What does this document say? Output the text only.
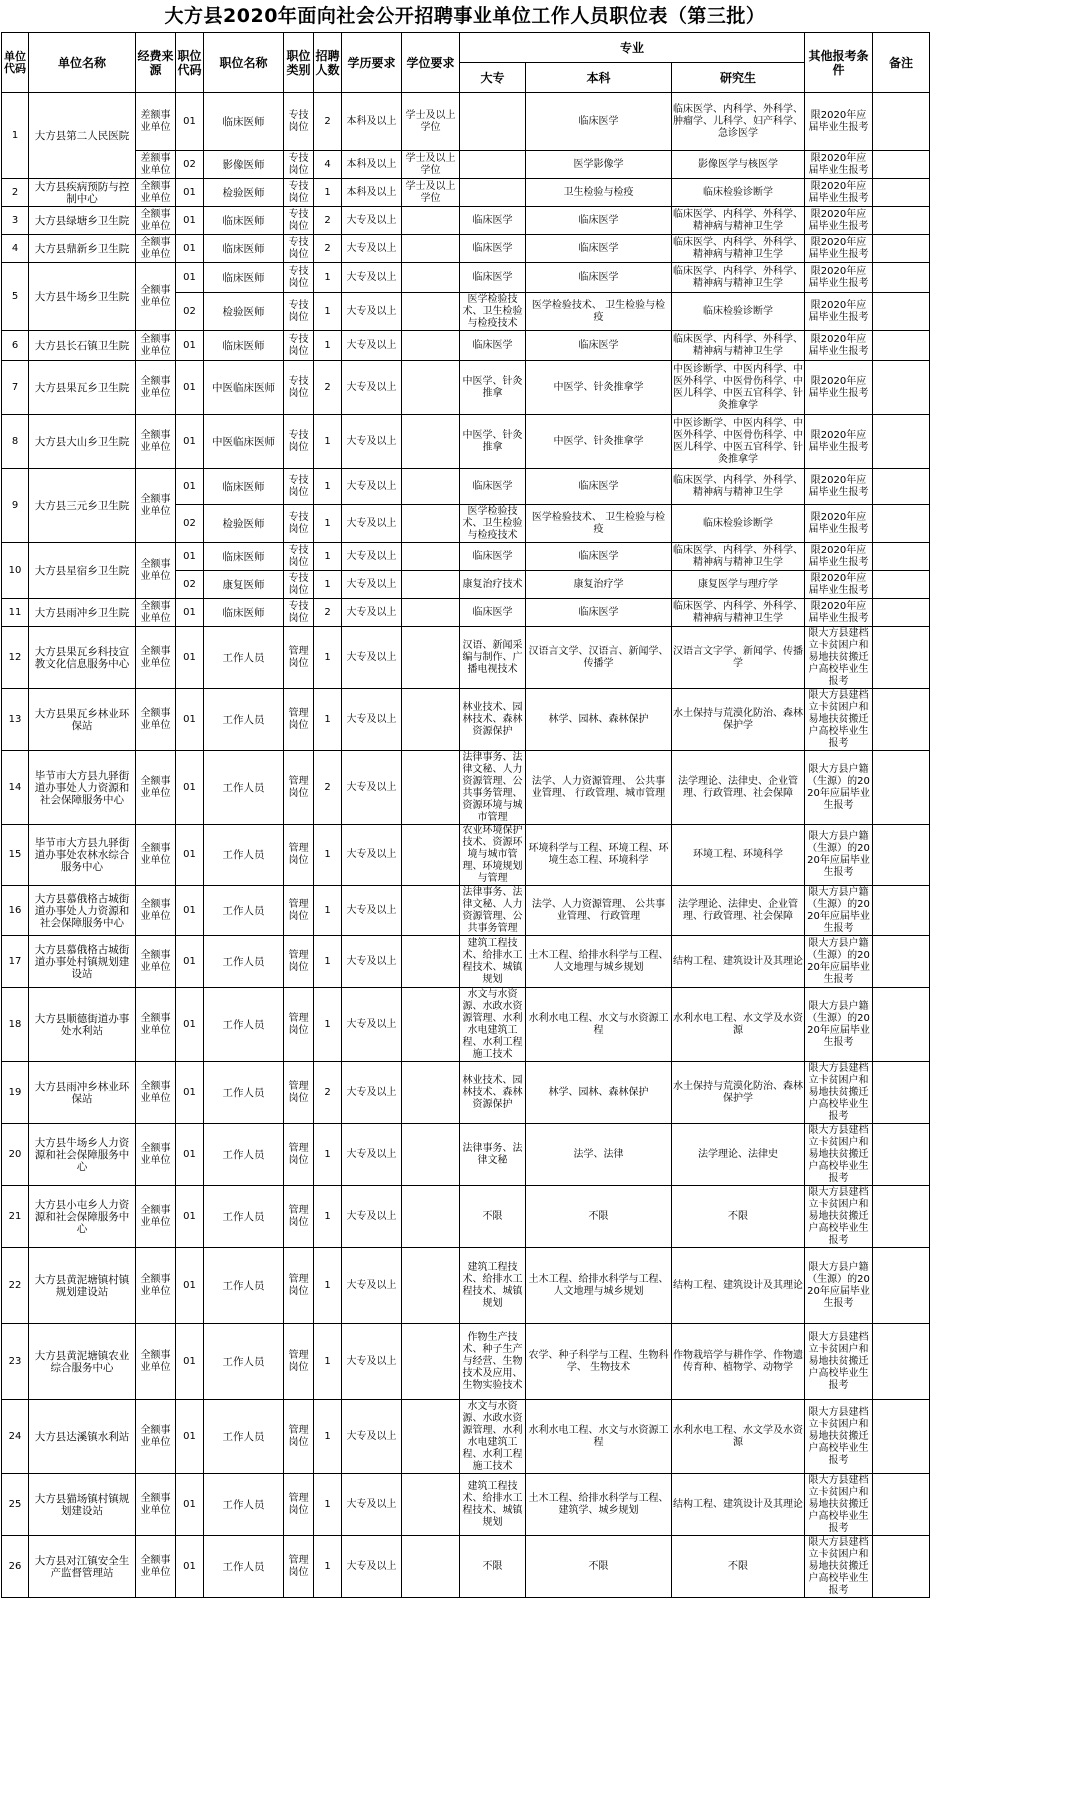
大方县2020年面向社会公开招聘事业单位工作人员职位表（第三批）
单位代码	单位名称	经费来源	职位代码	职位名称	职位类别	招聘人数	学历要求	学位要求	专业			其他报考条件	备注
									大专	本科	研究生		
1	大方县第二人民医院	差额事业单位	01	临床医师	专技岗位	2	本科及以上	学士及以上学位		临床医学	临床医学、内科学、外科学、肿瘤学、儿科学、妇产科学、急诊医学	限2020年应届毕业生报考	
		差额事业单位	02	影像医师	专技岗位	4	本科及以上	学士及以上学位		医学影像学	影像医学与核医学	限2020年应届毕业生报考	
2	大方县疾病预防与控制中心	全额事业单位	01	检验医师	专技岗位	1	本科及以上	学士及以上学位		卫生检验与检疫	临床检验诊断学	限2020年应届毕业生报考	
3	大方县绿塘乡卫生院	全额事业单位	01	临床医师	专技岗位	2	大专及以上		临床医学	临床医学	临床医学、内科学、外科学、精神病与精神卫生学	限2020年应届毕业生报考	
4	大方县鼎新乡卫生院	全额事业单位	01	临床医师	专技岗位	2	大专及以上		临床医学	临床医学	临床医学、内科学、外科学、精神病与精神卫生学	限2020年应届毕业生报考	
5	大方县牛场乡卫生院	全额事业单位	01	临床医师	专技岗位	1	大专及以上		临床医学	临床医学	临床医学、内科学、外科学、精神病与精神卫生学	限2020年应届毕业生报考	
			02	检验医师	专技岗位	1	大专及以上		医学检验技术、卫生检验与检疫技术	医学检验技术、 卫生检验与检疫	临床检验诊断学	限2020年应届毕业生报考	
6	大方县长石镇卫生院	全额事业单位	01	临床医师	专技岗位	1	大专及以上		临床医学	临床医学	临床医学、内科学、外科学、精神病与精神卫生学	限2020年应届毕业生报考	
7	大方县果瓦乡卫生院	全额事业单位	01	中医临床医师	专技岗位	2	大专及以上		中医学、针灸推拿	中医学、针灸推拿学	中医诊断学、中医内科学、中医外科学、中医骨伤科学、中医儿科学、中医五官科学、针灸推拿学	限2020年应届毕业生报考	
8	大方县大山乡卫生院	全额事业单位	01	中医临床医师	专技岗位	1	大专及以上		中医学、针灸推拿	中医学、针灸推拿学	中医诊断学、中医内科学、中医外科学、中医骨伤科学、中医儿科学、中医五官科学、针灸推拿学	限2020年应届毕业生报考	
9	大方县三元乡卫生院	全额事业单位	01	临床医师	专技岗位	1	大专及以上		临床医学	临床医学	临床医学、内科学、外科学、精神病与精神卫生学	限2020年应届毕业生报考	
			02	检验医师	专技岗位	1	大专及以上		医学检验技术、卫生检验与检疫技术	医学检验技术、 卫生检验与检疫	临床检验诊断学	限2020年应届毕业生报考	
10	大方县星宿乡卫生院	全额事业单位	01	临床医师	专技岗位	1	大专及以上		临床医学	临床医学	临床医学、内科学、外科学、精神病与精神卫生学	限2020年应届毕业生报考	
			02	康复医师	专技岗位	1	大专及以上		康复治疗技术	康复治疗学	康复医学与理疗学	限2020年应届毕业生报考	
11	大方县雨冲乡卫生院	全额事业单位	01	临床医师	专技岗位	2	大专及以上		临床医学	临床医学	临床医学、内科学、外科学、精神病与精神卫生学	限2020年应届毕业生报考	
12	大方县果瓦乡科技宣教文化信息服务中心	全额事业单位	01	工作人员	管理岗位	1	大专及以上		汉语、新闻采编与制作、广播电视技术	汉语言文学、汉语言、新闻学、传播学	汉语言文字学、新闻学、传播学	限大方县建档立卡贫困户和易地扶贫搬迁户高校毕业生报考	
13	大方县果瓦乡林业环保站	全额事业单位	01	工作人员	管理岗位	1	大专及以上		林业技术、园林技术、森林资源保护	林学、园林、森林保护	水土保持与荒漠化防治、森林保护学	限大方县建档立卡贫困户和易地扶贫搬迁户高校毕业生报考	
14	毕节市大方县九驿街道办事处人力资源和社会保障服务中心	全额事业单位	01	工作人员	管理岗位	2	大专及以上		法律事务、法律文秘、人力资源管理、公共事务管理、资源环境与城市管理	法学、人力资源管理、 公共事业管理、 行政管理、城市管理	法学理论、法律史、企业管理、行政管理、社会保障	限大方县户籍（生源）的2020年应届毕业生报考	
15	毕节市大方县九驿街道办事处农林水综合服务中心	全额事业单位	01	工作人员	管理岗位	1	大专及以上		农业环境保护技术、资源环境与城市管理、环境规划与管理	环境科学与工程、环境工程、环境生态工程、环境科学	环境工程、环境科学	限大方县户籍（生源）的2020年应届毕业生报考	
16	大方县慕俄格古城街道办事处人力资源和社会保障服务中心	全额事业单位	01	工作人员	管理岗位	1	大专及以上		法律事务、法律文秘、人力资源管理、公共事务管理	法学、人力资源管理、 公共事业管理、 行政管理	法学理论、法律史、企业管理、行政管理、社会保障	限大方县户籍（生源）的2020年应届毕业生报考	
17	大方县慕俄格古城街道办事处村镇规划建设站	全额事业单位	01	工作人员	管理岗位	1	大专及以上		建筑工程技术、给排水工程技术、城镇规划	土木工程、给排水科学与工程、人文地理与城乡规划	结构工程、建筑设计及其理论	限大方县户籍（生源）的2020年应届毕业生报考	
18	大方县顺德街道办事处水利站	全额事业单位	01	工作人员	管理岗位	1	大专及以上		水文与水资源、水政水资源管理、水利水电建筑工程、水利工程施工技术	水利水电工程、水文与水资源工程	水利水电工程、水文学及水资源	限大方县户籍（生源）的2020年应届毕业生报考	
19	大方县雨冲乡林业环保站	全额事业单位	01	工作人员	管理岗位	2	大专及以上		林业技术、园林技术、森林资源保护	林学、园林、森林保护	水土保持与荒漠化防治、森林保护学	限大方县建档立卡贫困户和易地扶贫搬迁户高校毕业生报考	
20	大方县牛场乡人力资源和社会保障服务中心	全额事业单位	01	工作人员	管理岗位	1	大专及以上		法律事务、法律文秘	法学、法律	法学理论、法律史	限大方县建档立卡贫困户和易地扶贫搬迁户高校毕业生报考	
21	大方县小屯乡人力资源和社会保障服务中心	全额事业单位	01	工作人员	管理岗位	1	大专及以上		不限	不限	不限	限大方县建档立卡贫困户和易地扶贫搬迁户高校毕业生报考	
22	大方县黄泥塘镇村镇规划建设站	全额事业单位	01	工作人员	管理岗位	1	大专及以上		建筑工程技术、给排水工程技术、城镇规划	土木工程、给排水科学与工程、人文地理与城乡规划	结构工程、建筑设计及其理论	限大方县户籍（生源）的2020年应届毕业生报考	
23	大方县黄泥塘镇农业综合服务中心	全额事业单位	01	工作人员	管理岗位	1	大专及以上		作物生产技术、种子生产与经营、生物技术及应用、生物实验技术	农学、种子科学与工程、生物科学、 生物技术	作物栽培学与耕作学、作物遗传育种、植物学、动物学	限大方县建档立卡贫困户和易地扶贫搬迁户高校毕业生报考	
24	大方县达溪镇水利站	全额事业单位	01	工作人员	管理岗位	1	大专及以上		水文与水资源、水政水资源管理、水利水电建筑工程、水利工程施工技术	水利水电工程、水文与水资源工程	水利水电工程、水文学及水资源	限大方县建档立卡贫困户和易地扶贫搬迁户高校毕业生报考	
25	大方县猫场镇村镇规划建设站	全额事业单位	01	工作人员	管理岗位	1	大专及以上		建筑工程技术、给排水工程技术、城镇规划	土木工程、给排水科学与工程、建筑学、城乡规划	结构工程、建筑设计及其理论	限大方县建档立卡贫困户和易地扶贫搬迁户高校毕业生报考	
26	大方县对江镇安全生产监督管理站	全额事业单位	01	工作人员	管理岗位	1	大专及以上		不限	不限	不限	限大方县建档立卡贫困户和易地扶贫搬迁户高校毕业生报考	
